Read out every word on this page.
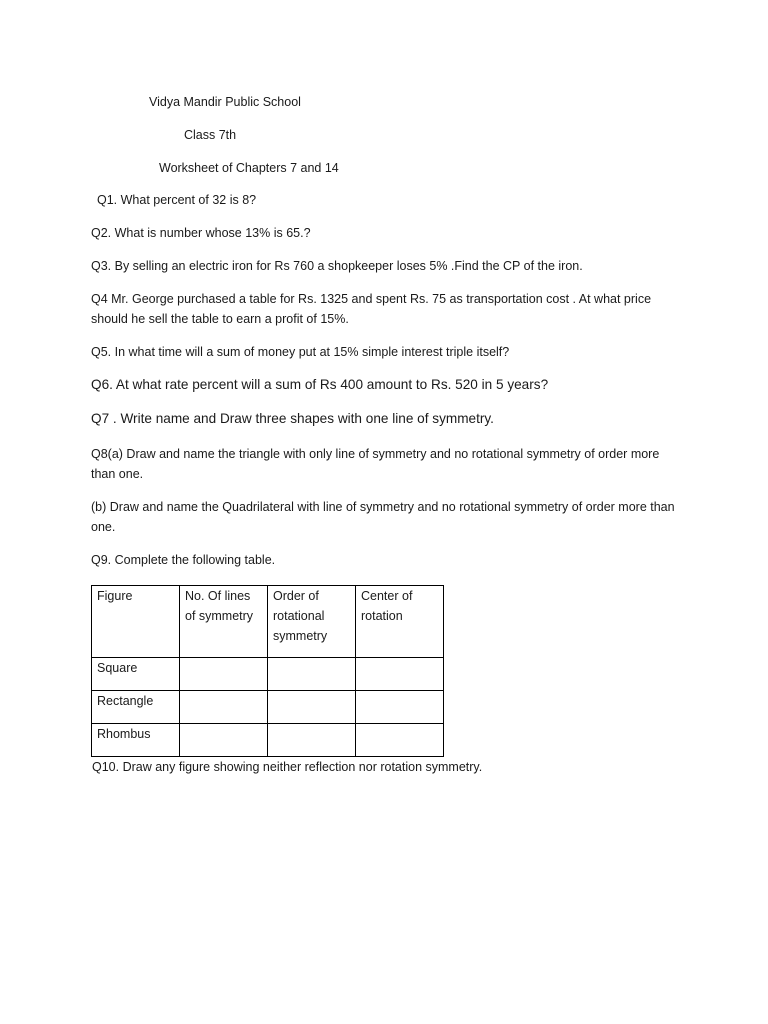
Vidya Mandir Public School
Class 7th
Worksheet of Chapters 7 and 14
Q1. What percent of 32 is 8?
Q2. What is number whose 13% is 65.?
Q3. By selling an electric iron for Rs 760 a shopkeeper loses 5% .Find the CP of the iron.
Q4 Mr. George purchased a table for Rs. 1325 and spent Rs. 75 as transportation cost . At what price should he sell the table to earn a profit of 15%.
Q5. In what time will a sum of money put at 15% simple interest triple itself?
Q6. At what rate percent will a sum of Rs 400 amount to Rs. 520 in 5 years?
Q7 . Write name and Draw three shapes with one line of symmetry.
Q8(a) Draw and name the triangle with only line of symmetry and no rotational symmetry of order more than one.
(b) Draw and name the Quadrilateral with line of symmetry and no rotational symmetry of order more than one.
Q9. Complete the following table.
Figure	No. Of lines of symmetry	Order of rotational symmetry	Center of rotation
Square			
Rectangle			
Rhombus			
Q10. Draw any figure showing neither reflection nor rotation symmetry.
